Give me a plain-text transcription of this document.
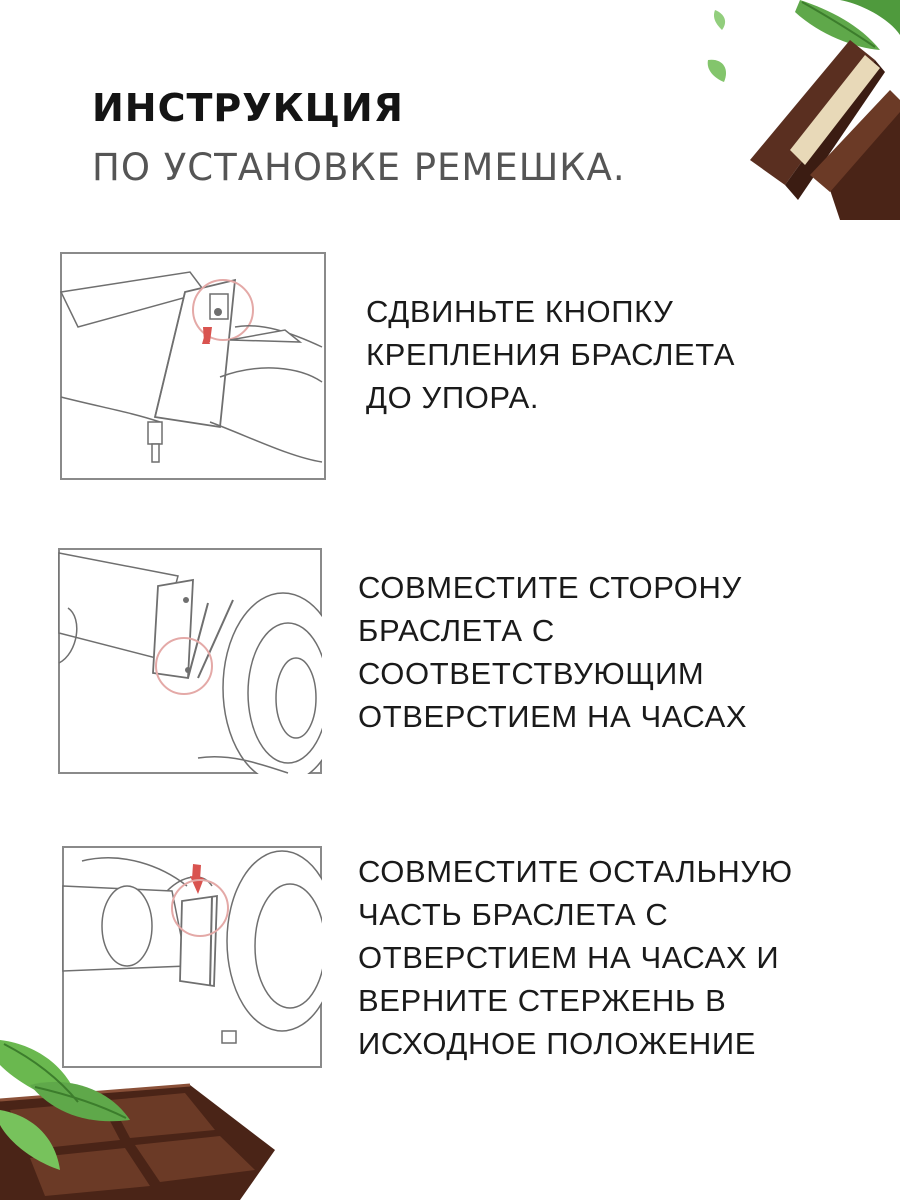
ИНСТРУКЦИЯ
ПО УСТАНОВКЕ РЕМЕШКА.
СДВИНЬТЕ КНОПКУ
КРЕПЛЕНИЯ БРАСЛЕТА
ДО УПОРА.
СОВМЕСТИТЕ СТОРОНУ
БРАСЛЕТА С
СООТВЕТСТВУЮЩИМ
ОТВЕРСТИЕМ НА ЧАСАХ
СОВМЕСТИТЕ ОСТАЛЬНУЮ
ЧАСТЬ БРАСЛЕТА С
ОТВЕРСТИЕМ НА ЧАСАХ И
ВЕРНИТЕ СТЕРЖЕНЬ В
ИСХОДНОЕ ПОЛОЖЕНИЕ
